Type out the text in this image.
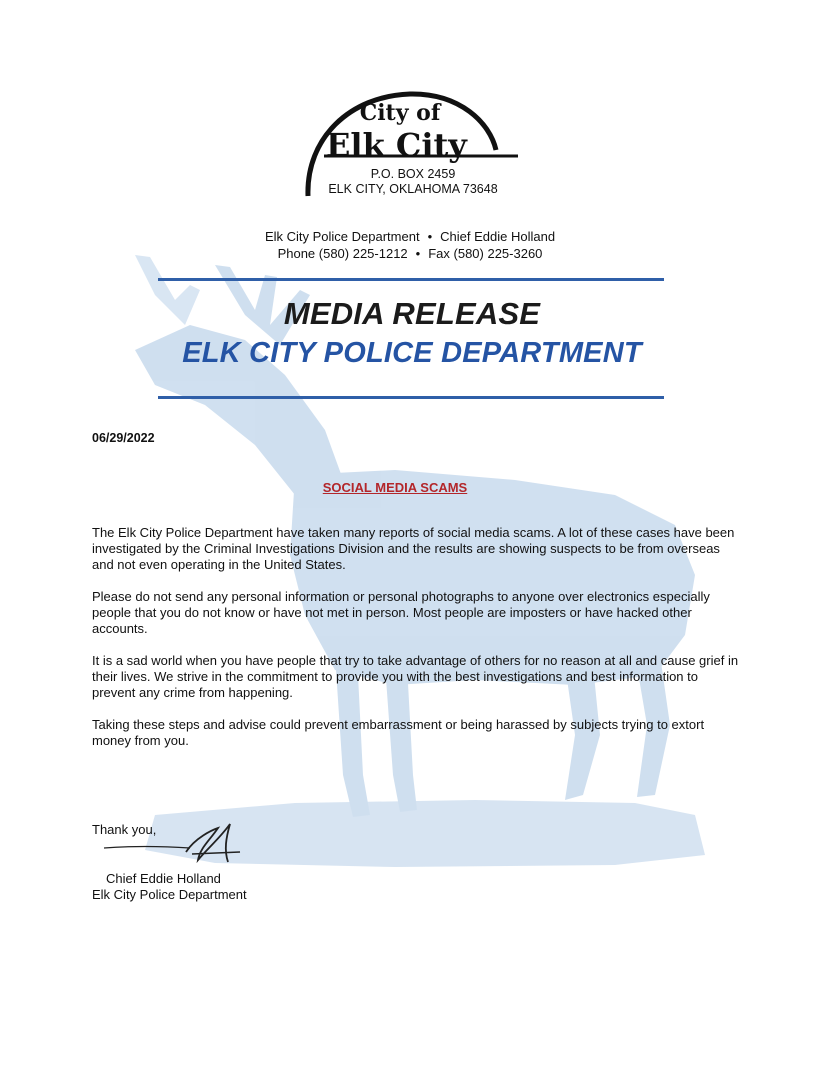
City of
Elk City
P.O. BOX 2459
ELK CITY, OKLAHOMA 73648
Elk City Police Department • Chief Eddie Holland
Phone (580) 225-1212 • Fax (580) 225-3260
MEDIA RELEASE
ELK CITY POLICE DEPARTMENT
06/29/2022
SOCIAL MEDIA SCAMS

The Elk City Police Department have taken many reports of social media scams. A lot of these cases have been investigated by the Criminal Investigations Division and the results are showing suspects to be from overseas and not even operating in the United States.

Please do not send any personal information or personal photographs to anyone over electronics especially people that you do not know or have not met in person. Most people are imposters or have hacked other accounts.

It is a sad world when you have people that try to take advantage of others for no reason at all and cause grief in their lives. We strive in the commitment to provide you with the best investigations and best information to prevent any crime from happening.

Taking these steps and advise could prevent embarrassment or being harassed by subjects trying to extort money from you.

Thank you,
Chief Eddie Holland
Elk City Police Department
